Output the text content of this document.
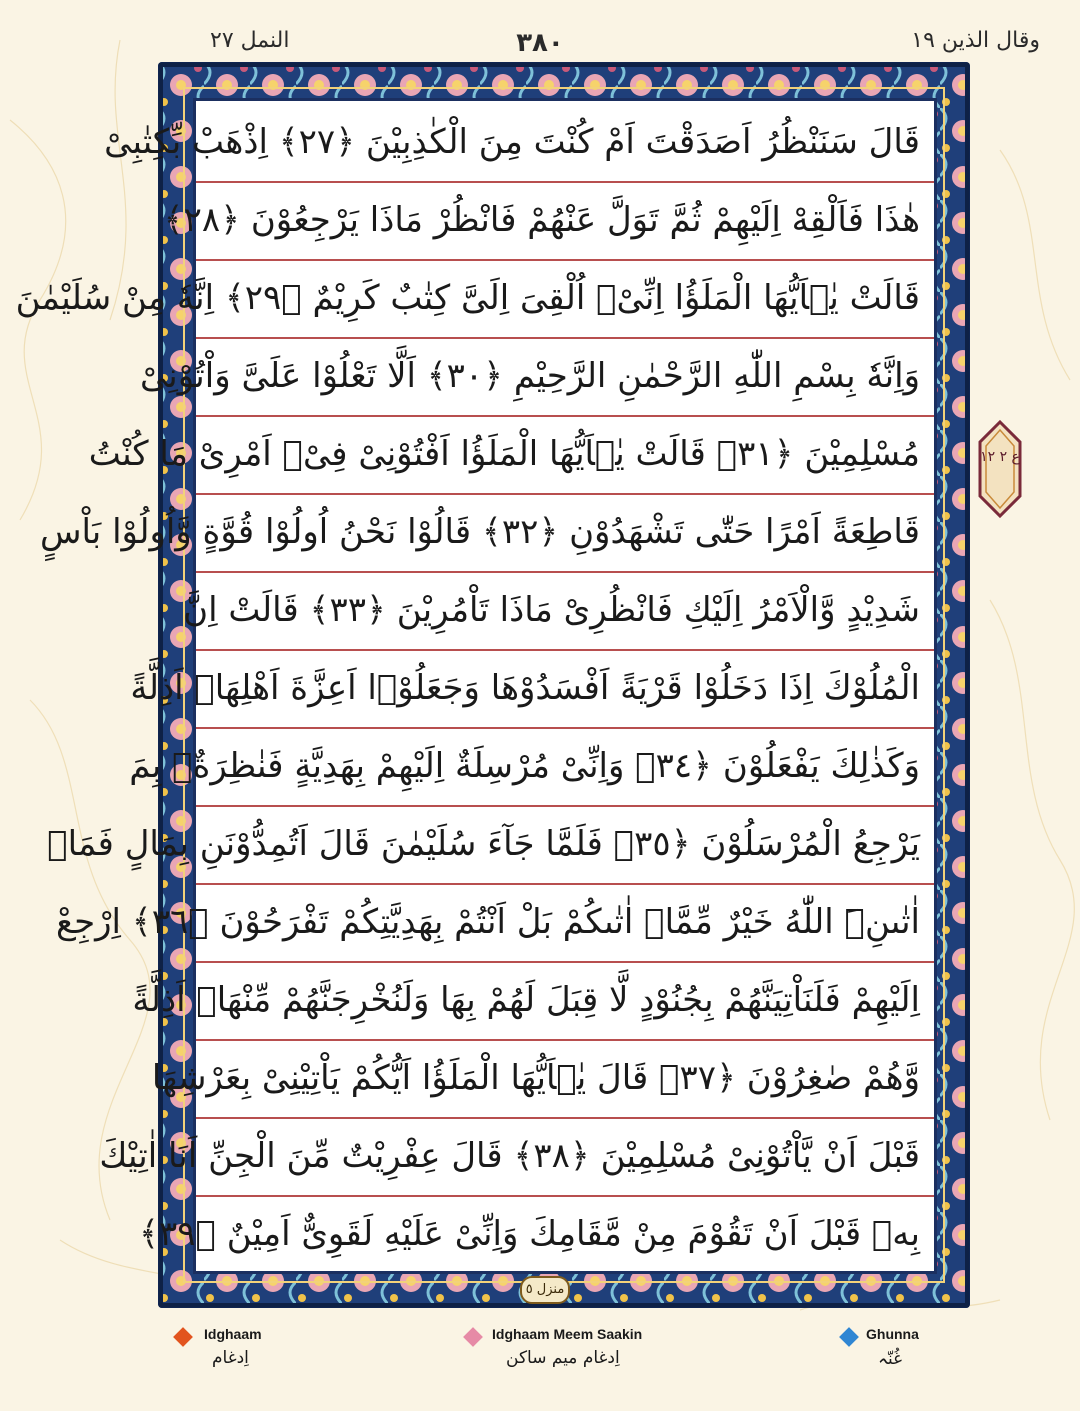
وقال الذين ١٩
٣٨٠
النمل ٢٧
قَالَ سَنَنْظُرُ اَصَدَقْتَ اَمْ كُنْتَ مِنَ الْكٰذِبِيْنَ ﴿٢٧﴾ اِذْهَبْ بِّكِتٰبِىْ
هٰذَا فَاَلْقِهْ اِلَيْهِمْ ثُمَّ تَوَلَّ عَنْهُمْ فَانْظُرْ مَاذَا يَرْجِعُوْنَ ﴿٢٨﴾
قَالَتْ يٰۤاَيُّهَا الْمَلَؤُا اِنِّىْۤ اُلْقِىَ اِلَىَّ كِتٰبٌ كَرِيْمٌ ﴿٢٩﴾ اِنَّهٗ مِنْ سُلَيْمٰنَ
وَاِنَّهٗ بِسْمِ اللّٰهِ الرَّحْمٰنِ الرَّحِيْمِ ﴿٣٠﴾ اَلَّا تَعْلُوْا عَلَىَّ وَاْتُوْنِىْ
مُسْلِمِيْنَ ﴿٣١﴾ قَالَتْ يٰۤاَيُّهَا الْمَلَؤُا اَفْتُوْنِىْ فِىْۤ اَمْرِىْ مَا كُنْتُ
قَاطِعَةً اَمْرًا حَتّٰى تَشْهَدُوْنِ ﴿٣٢﴾ قَالُوْا نَحْنُ اُولُوْا قُوَّةٍ وَّاُولُوْا بَاْسٍ
شَدِيْدٍ وَّالْاَمْرُ اِلَيْكِ فَانْظُرِىْ مَاذَا تَاْمُرِيْنَ ﴿٣٣﴾ قَالَتْ اِنَّ
الْمُلُوْكَ اِذَا دَخَلُوْا قَرْيَةً اَفْسَدُوْهَا وَجَعَلُوْۤا اَعِزَّةَ اَهْلِهَاۤ اَذِلَّةً
وَكَذٰلِكَ يَفْعَلُوْنَ ﴿٣٤﴾ وَاِنِّىْ مُرْسِلَةٌ اِلَيْهِمْ بِهَدِيَّةٍ فَنٰظِرَةٌۢ بِمَ
يَرْجِعُ الْمُرْسَلُوْنَ ﴿٣٥﴾ فَلَمَّا جَآءَ سُلَيْمٰنَ قَالَ اَتُمِدُّوْنَنِ بِمَالٍ فَمَاۤ
اٰتٰىنِۦَ اللّٰهُ خَيْرٌ مِّمَّاۤ اٰتٰىكُمْ بَلْ اَنْتُمْ بِهَدِيَّتِكُمْ تَفْرَحُوْنَ ﴿٣٦﴾ اِرْجِعْ
اِلَيْهِمْ فَلَنَاْتِيَنَّهُمْ بِجُنُوْدٍ لَّا قِبَلَ لَهُمْ بِهَا وَلَنُخْرِجَنَّهُمْ مِّنْهَاۤ اَذِلَّةً
وَّهُمْ صٰغِرُوْنَ ﴿٣٧﴾ قَالَ يٰۤاَيُّهَا الْمَلَؤُا اَيُّكُمْ يَاْتِيْنِىْ بِعَرْشِهَا
قَبْلَ اَنْ يَّاْتُوْنِىْ مُسْلِمِيْنَ ﴿٣٨﴾ قَالَ عِفْرِيْتٌ مِّنَ الْجِنِّ اَنَا اٰتِيْكَ
بِهٖ قَبْلَ اَنْ تَقُوْمَ مِنْ مَّقَامِكَ وَاِنِّىْ عَلَيْهِ لَقَوِىٌّ اَمِيْنٌ ﴿٣٩﴾
منزل ٥
ع ٢ ١٢
Idghaam
اِدغام
Idghaam Meem Saakin
اِدغام میم ساکن
Ghunna
غُنّہ
